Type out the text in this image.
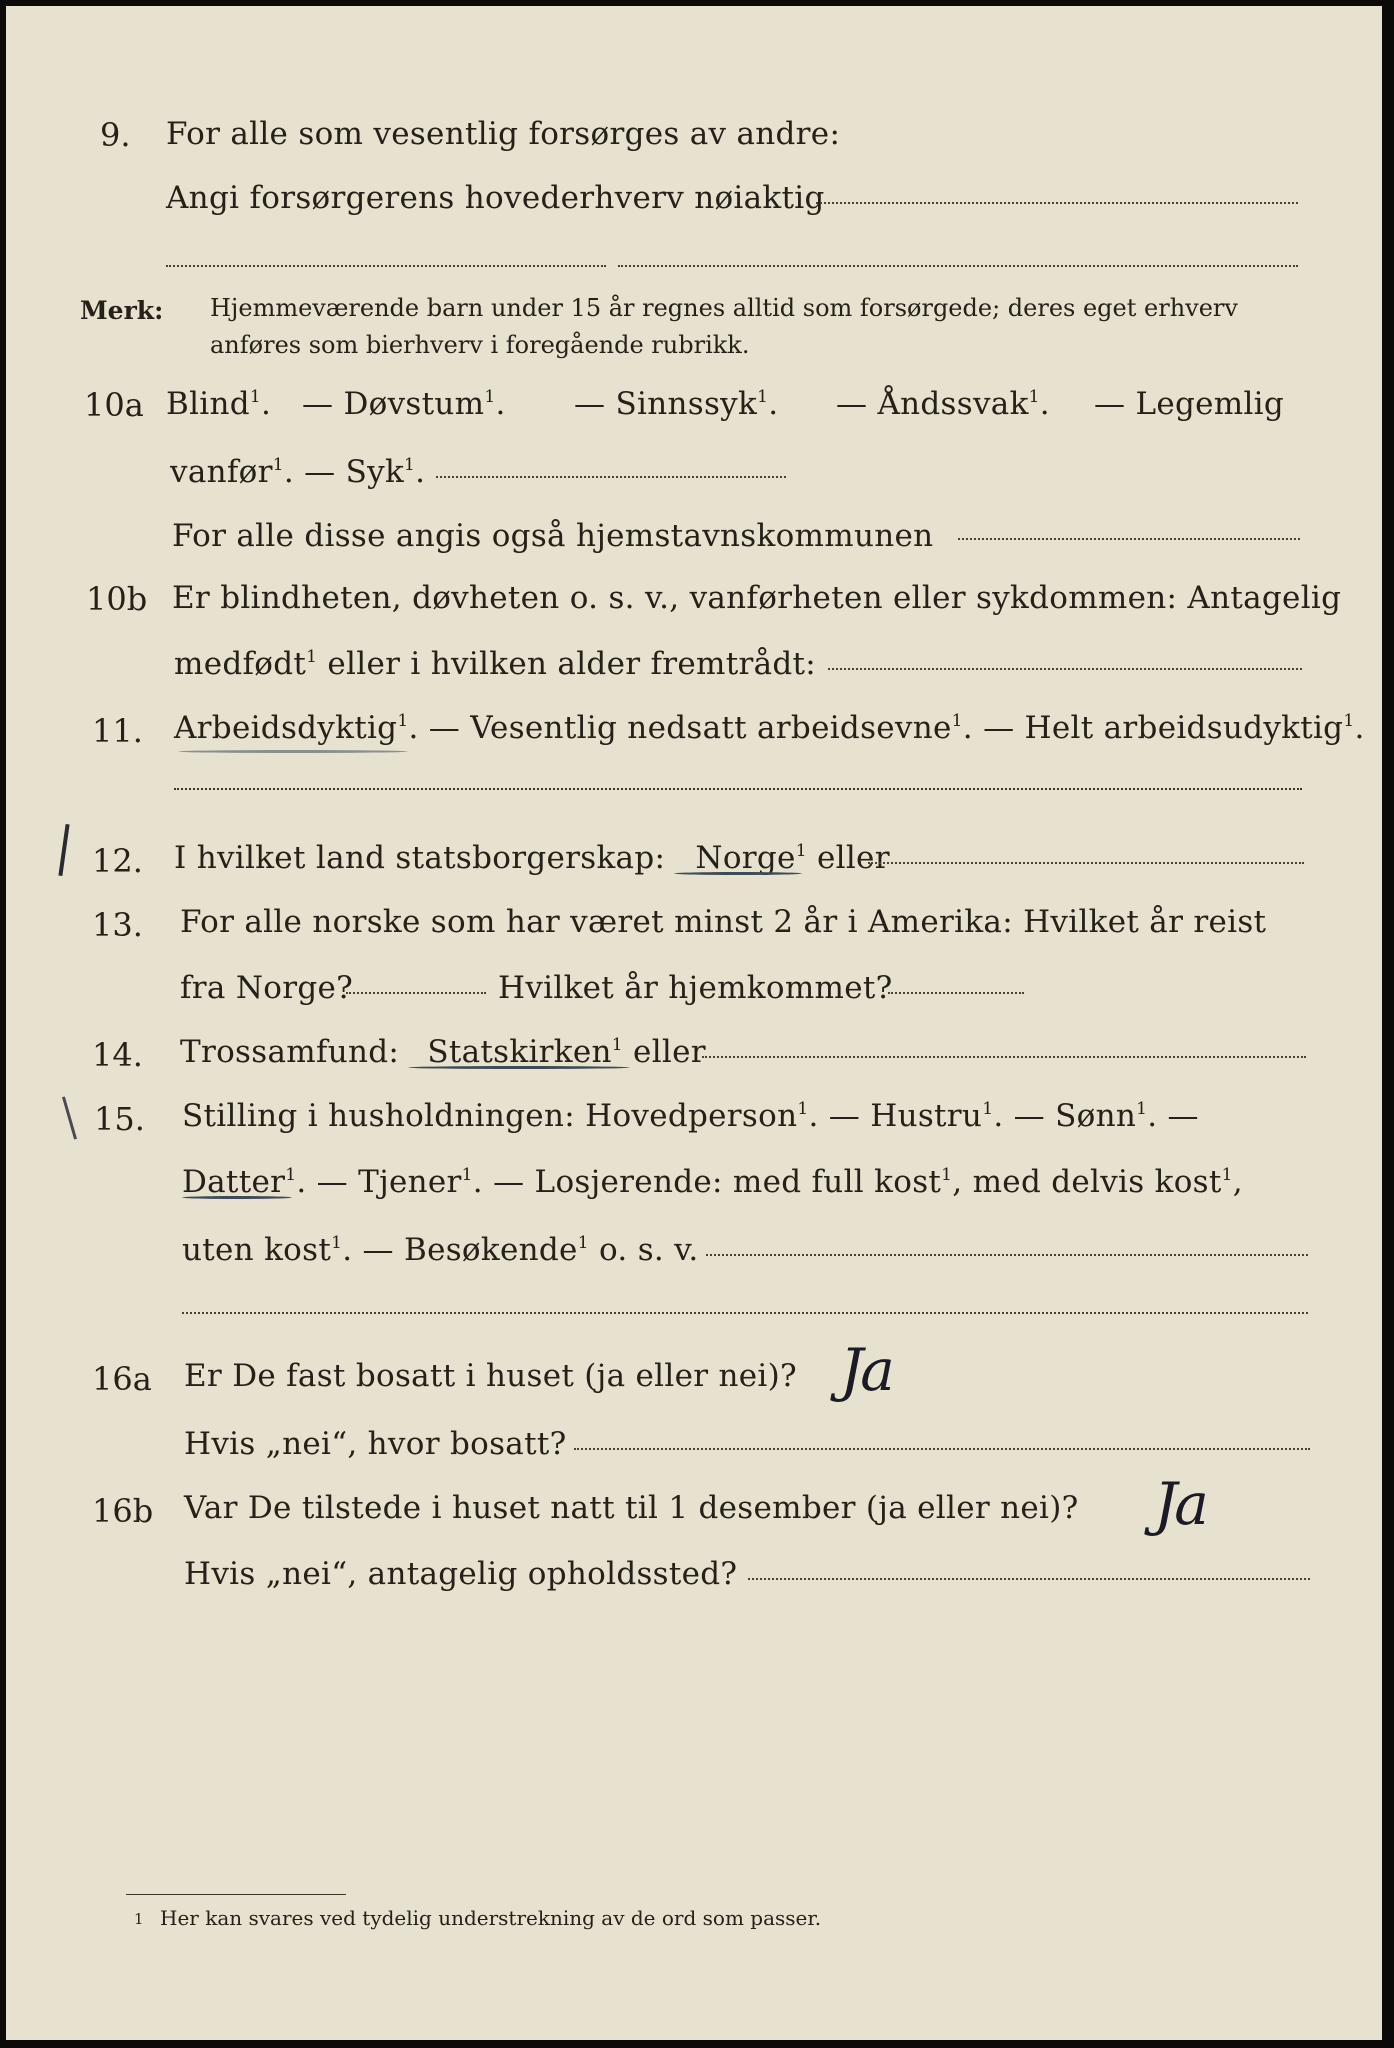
9. For alle som vesentlig forsørges av andre:
Angi forsørgerens hovederhverv nøiaktig
Merk: Hjemmeværende barn under 15 år regnes alltid som forsørgede; deres eget erhverv
anføres som bierhverv i foregående rubrikk.
10a Blind$^1$. — Døvstum$^1$. — Sinnssyk$^1$. — Åndssvak$^1$. — Legemlig
vanfør$^1$. — Syk$^1$.
For alle disse angis også hjemstavnskommunen
10b Er blindheten, døvheten o. s. v., vanførheten eller sykdommen: Antagelig
medfødt$^1$ eller i hvilken alder fremtrådt:
11. Arbeidsdyktig$^1$. — Vesentlig nedsatt arbeidsevne$^1$. — Helt arbeidsudyktig$^1$.
12. I hvilket land statsborgerskap: Norge$^1$ eller
13. For alle norske som har været minst 2 år i Amerika: Hvilket år reist
fra Norge?	Hvilket år hjemkommet?
14. Trossamfund: Statskirken$^1$ eller
15. Stilling i husholdningen: Hovedperson$^1$. — Hustru$^1$. — Sønn$^1$. —
Datter$^1$. — Tjener$^1$. — Losjerende: med full kost$^1$, med delvis kost$^1$,
uten kost$^1$. — Besøkende$^1$ o. s. v.
16a Er De fast bosatt i huset (ja eller nei)? Ja
Hvis „nei“, hvor bosatt?
16b Var De tilstede i huset natt til 1 desember (ja eller nei)? Ja
Hvis „nei“, antagelig opholdssted?
1 Her kan svares ved tydelig understrekning av de ord som passer.
